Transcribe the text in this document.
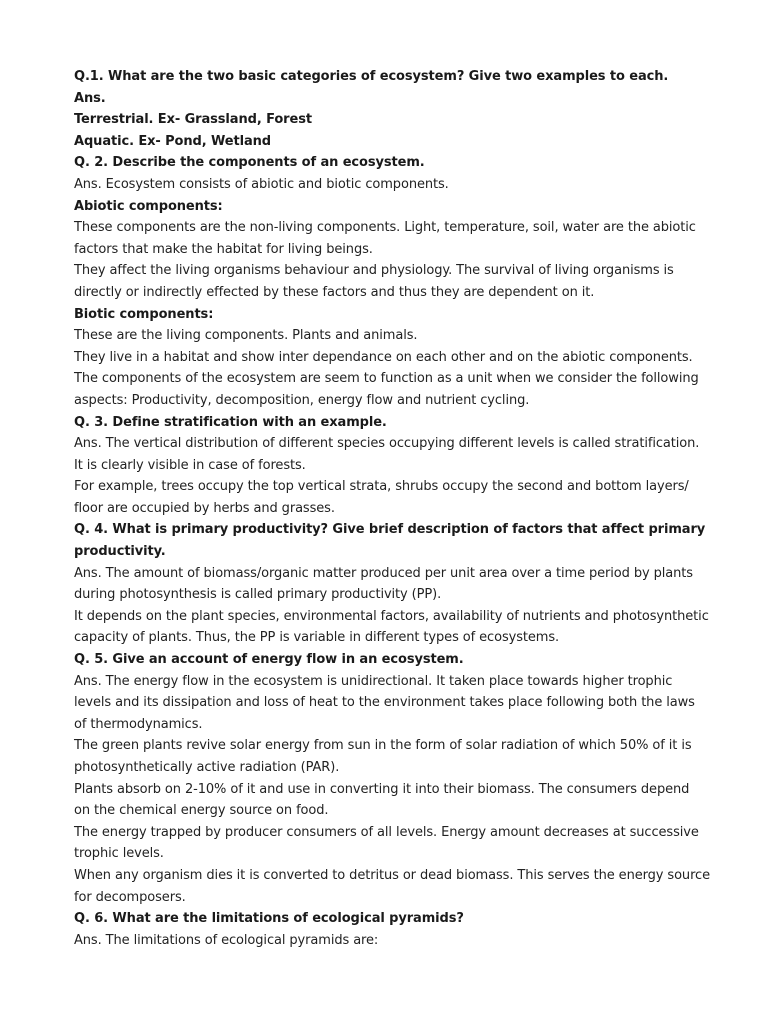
Q.1. What are the two basic categories of ecosystem? Give two examples to each.
Ans.
Terrestrial. Ex- Grassland, Forest
Aquatic. Ex- Pond, Wetland
Q. 2. Describe the components of an ecosystem.
Ans. Ecosystem consists of abiotic and biotic components.
Abiotic components:
These components are the non-living components. Light, temperature, soil, water are the abiotic
factors that make the habitat for living beings.
They affect the living organisms behaviour and physiology. The survival of living organisms is
directly or indirectly effected by these factors and thus they are dependent on it.
Biotic components:
These are the living components. Plants and animals.
They live in a habitat and show inter dependance on each other and on the abiotic components.
The components of the ecosystem are seem to function as a unit when we consider the following
aspects: Productivity, decomposition, energy flow and nutrient cycling.
Q. 3. Define stratification with an example.
Ans. The vertical distribution of different species occupying different levels is called stratification.
It is clearly visible in case of forests.
For example, trees occupy the top vertical strata, shrubs occupy the second and bottom layers/
floor are occupied by herbs and grasses.
Q. 4. What is primary productivity? Give brief description of factors that affect primary
productivity.
Ans. The amount of biomass/organic matter produced per unit area over a time period by plants
during photosynthesis is called primary productivity (PP).
It depends on the plant species, environmental factors, availability of nutrients and photosynthetic
capacity of plants. Thus, the PP is variable in different types of ecosystems.
Q. 5. Give an account of energy flow in an ecosystem.
Ans. The energy flow in the ecosystem is unidirectional. It taken place towards higher trophic
levels and its dissipation and loss of heat to the environment takes place following both the laws
of thermodynamics.
The green plants revive solar energy from sun in the form of solar radiation of which 50% of it is
photosynthetically active radiation (PAR).
Plants absorb on 2-10% of it and use in converting it into their biomass. The consumers depend
on the chemical energy source on food.
The energy trapped by producer consumers of all levels. Energy amount decreases at successive
trophic levels.
When any organism dies it is converted to detritus or dead biomass. This serves the energy source
for decomposers.
Q. 6. What are the limitations of ecological pyramids?
Ans. The limitations of ecological pyramids are:
